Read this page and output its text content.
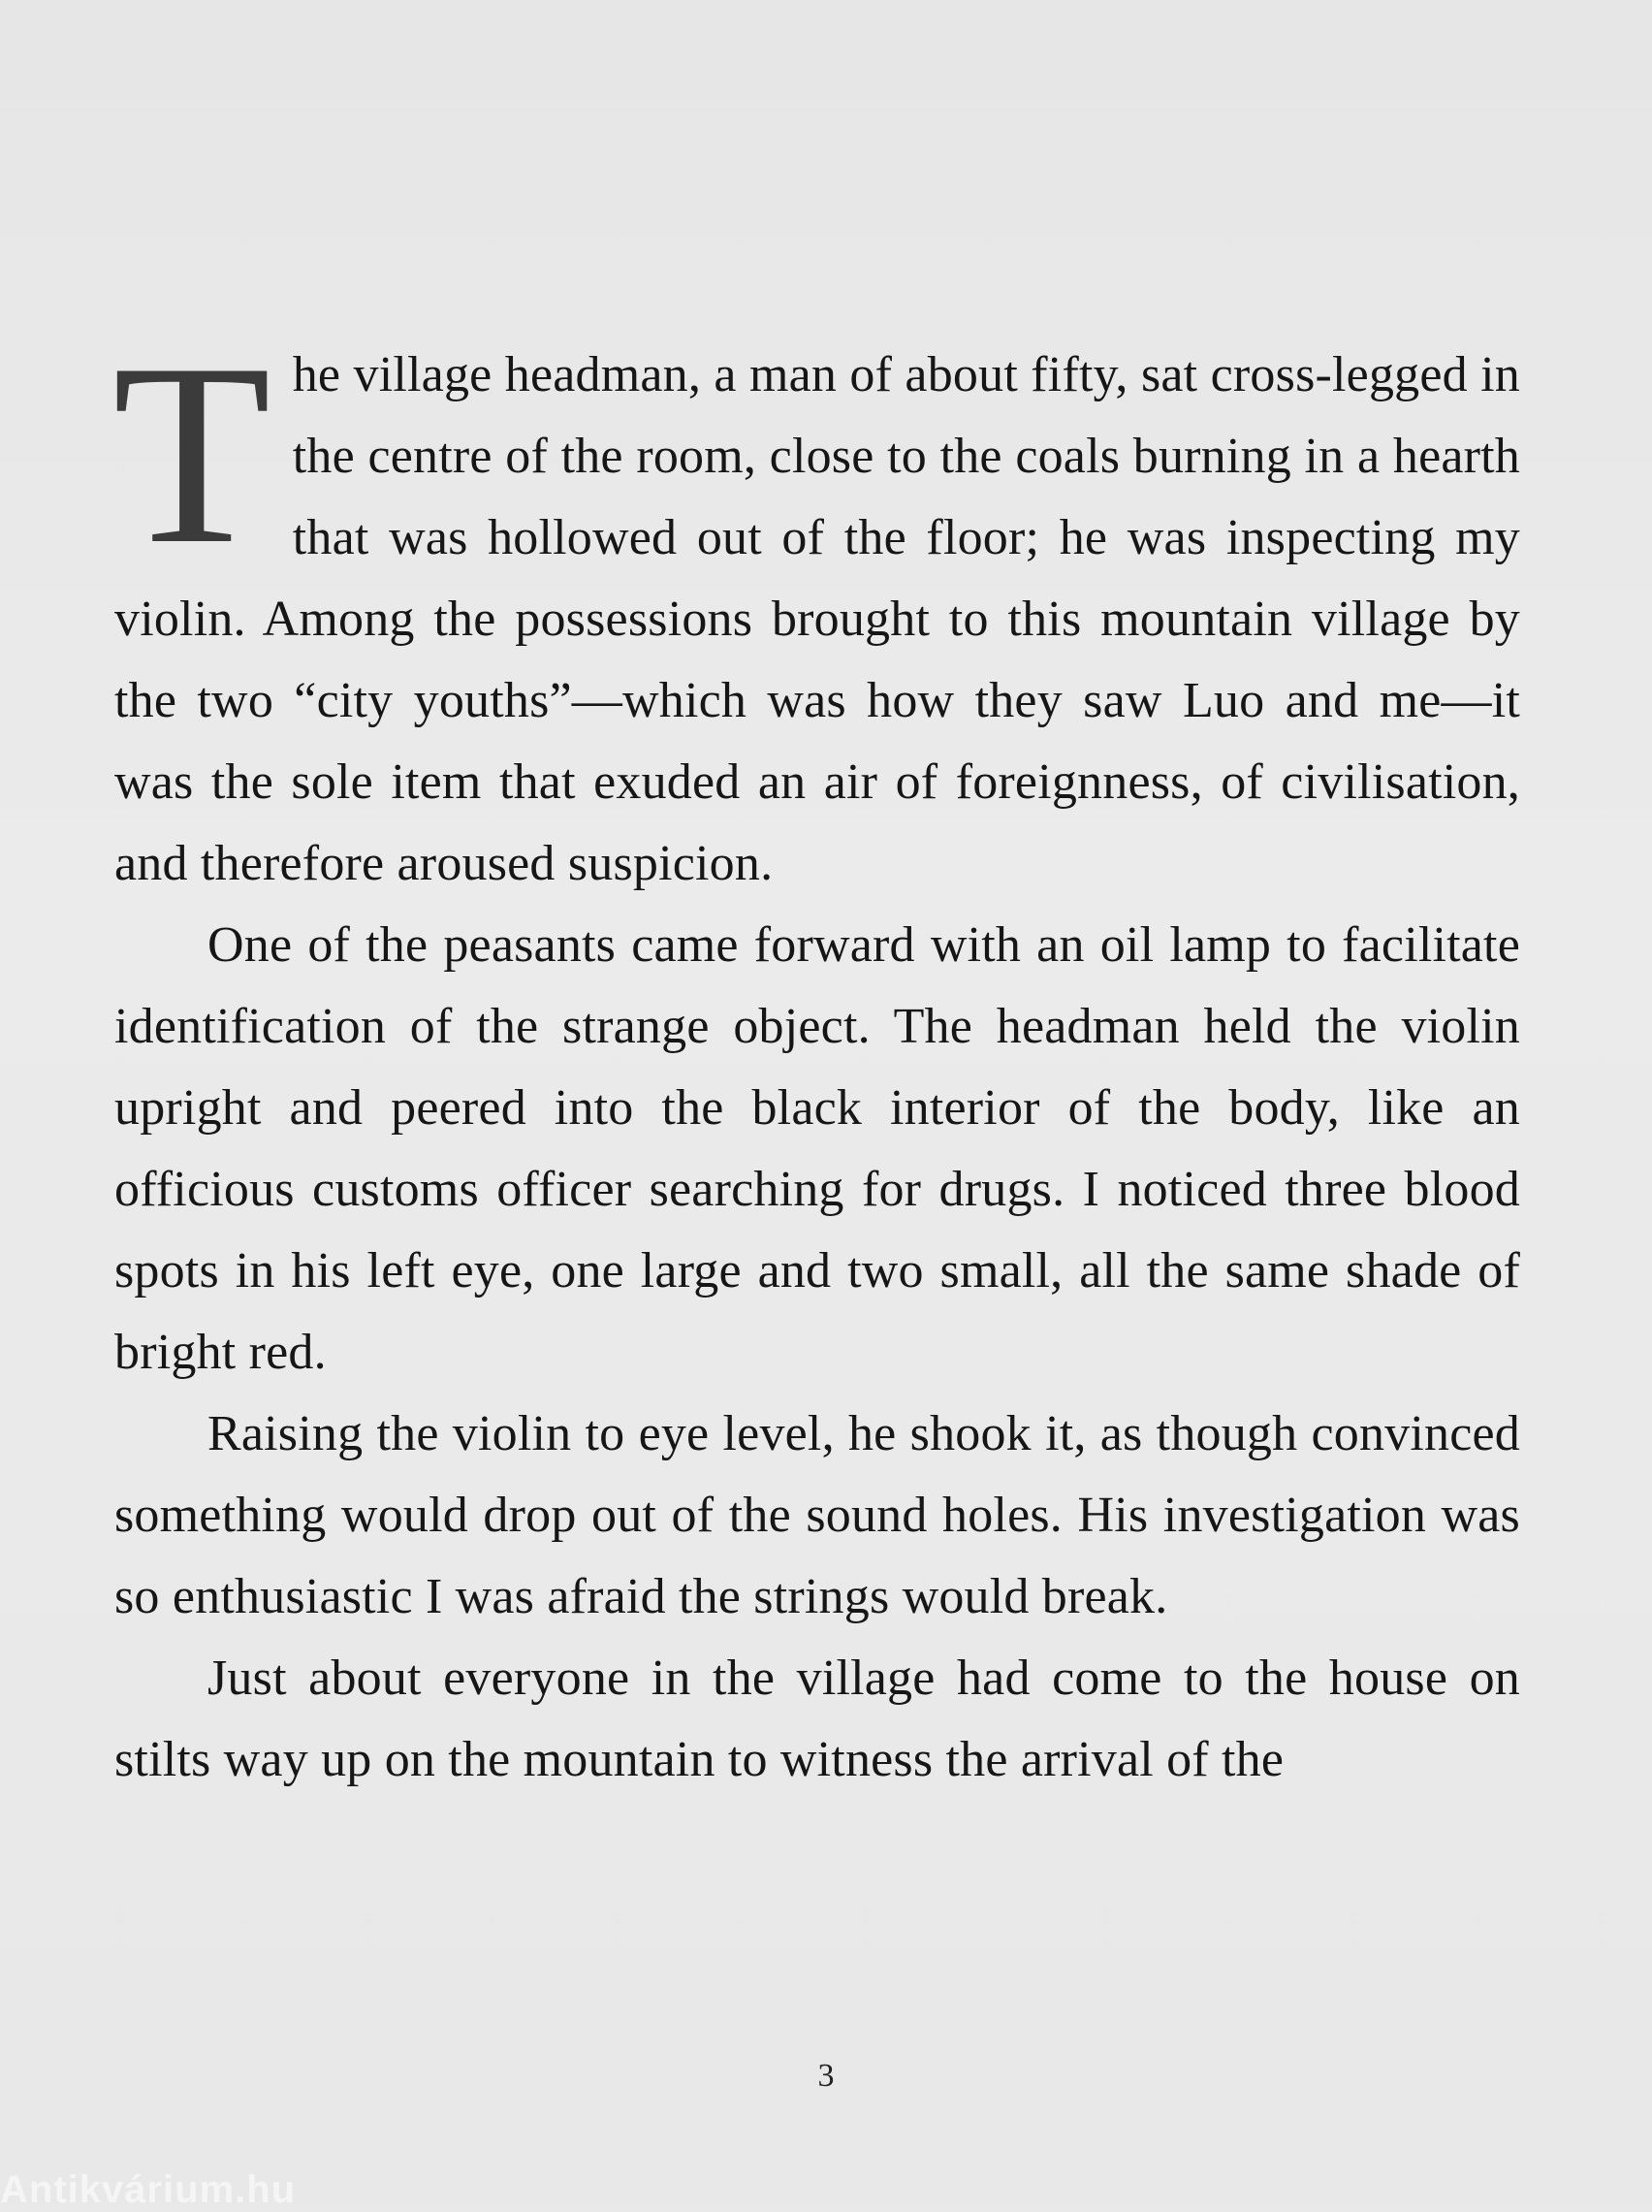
The village headman, a man of about fifty, sat cross-legged in the centre of the room, close to the coals burning in a hearth that was hollowed out of the floor; he was inspecting my violin. Among the possessions brought to this mountain village by the two “city youths”—which was how they saw Luo and me—it was the sole item that exuded an air of foreignness, of civilisation, and therefore aroused suspicion.

One of the peasants came forward with an oil lamp to facilitate identification of the strange object. The headman held the violin upright and peered into the black interior of the body, like an officious customs officer searching for drugs. I noticed three blood spots in his left eye, one large and two small, all the same shade of bright red.

Raising the violin to eye level, he shook it, as though convinced something would drop out of the sound holes. His investigation was so enthusiastic I was afraid the strings would break.

Just about everyone in the village had come to the house on stilts way up on the mountain to witness the arrival of the

3
Antikvárium.hu
